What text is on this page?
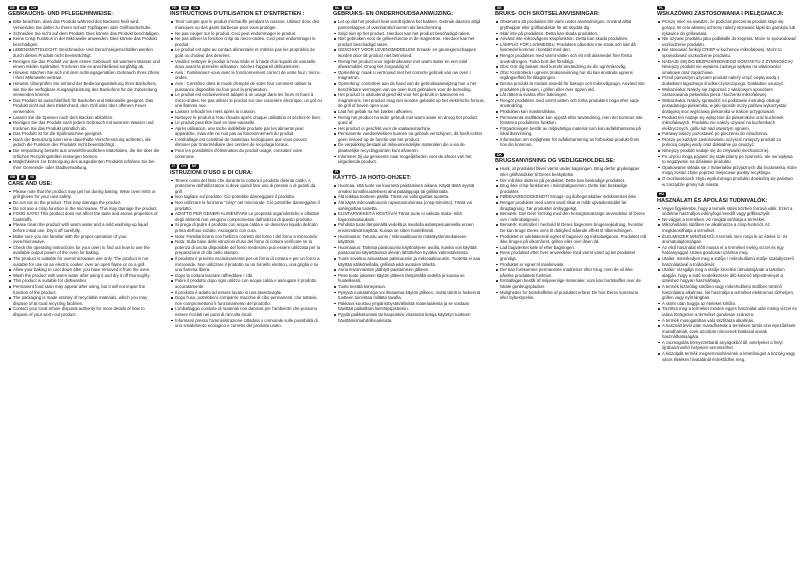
DE	AT	CH
GEBRAUCHS- UND PFLEGEHINWEISE:
Bitte beachten, dass das Produkt während des Backens heiß wird. Verwenden Sie daher zu Ihrem Schutz Topflappen oder Grillhandschuhe.
Schneiden Sie nicht auf dem Produkt. Dies könnte das Produkt beschädigen.
Keine Crisp-Funktion in der Mikrowelle anwenden. Dies könnte das Produkt beschädigen.
LEBENSMITTELECHT: Geschmacks- und Geruchseigenschaften werden durch dieses Produkt nicht beeinträchtigt.
Reinigen Sie das Produkt vor dem ersten Gebrauch mit warmem Wasser und einem milden Spülmittel. Trocknen Sie es anschließend sorgfältig ab.
Hinweis: Machen Sie sich mit dem ordnungsgemäßen Gebrauch Ihres Ofens / Ihrer Mikrowelle vertraut.
Hinweis: Überprüfen Sie anhand der Bedienungsanleitung Ihres Backofens, wie Sie die verfügbare Ausgangsleistung des Backofens für die Zubereitung verwenden können.
Das Produkt ist ausschließlich für Backofen und Mikrowelle geeignet. Das Produkt nicht auf dem Elektroherd, dem Grill oder über offenem Feuer verwenden.
Lassen Sie die Speisen nach dem Backen abkühlen.
Reinigen Sie das Produkt nach jedem Gebrauch mit warmem Wasser und trocknen Sie das Produkt gründlich ab.
Das Produkt ist für die Spülmaschine geeignet.
Nach der Benutzung kann eine dauerhafte Verschmutzung auftreten, die jedoch die Funktion des Produkts nicht beeinträchtigt.
Die Verpackung besteht aus umweltfreundlichen Materialien, die Sie über die örtlichen Recyclingstellen entsorgen können.
Möglichkeiten zur Entsorgung des ausgedienten Produkts erfahren Sie bei Ihrer Gemeinde- oder Stadtverwaltung.
GB	IE	NI
CARE AND USE:
Please note that the product may get hot during baking. Wear oven mitts or grill gloves for your own safety.
Do not cut on the product. This may damage the product.
Do not use a crisp function in the microwave. This may damage the product.
FOOD SAFE! This product does not affect the taste and aroma properties of foodstuffs.
Please clean the product with warm water and a mild washing-up liquid before initial use. Dry it off carefully.
Make sure you are familiar with the proper operation of your oven/microwave.
Check the operating instructions for your oven to find out how to use the available output power of the oven for baking.
The product is suitable for oven/microwave use only. The product is not suitable for use on an electric cooker, over an open flame or on a grill.
Allow your baking to cool down after you have removed it from the oven.
Wash the product with warm water after using it and dry it off thoroughly.
This product is suitable for dishwasher.
Permanent food stain may appear after using, but it will not impair the function of the product.
The packaging is made entirely of recyclable materials, which you may dispose of at local recycling facilities.
Contact your local refuse disposal authority for more details of how to dispose of your worn-out product.
FR	BE	CH
INSTRUCTIONS D'UTILISATION ET D'ENTRETIEN :
Tenir compte que le produit s'échauffe pendant la cuisson. Utilisez donc des maniques ou des gants barbecue pour vous protéger.
Ne pas couper sur le produit. Ceci peut endommager le produit.
Ne pas utiliser la fonction crisp du micro-ondes. Ceci peut endommager le produit.
Le produit est apte au contact alimentaire et n'altère pas les propriétés de goût ou d'odeur des denrées.
Veuillez nettoyer le produit à l'eau tiède et à l'aide d'un liquide de vaisselle doux avant la première utilisation. Séchez-l'appareil délicatement.
Avis : Familiarisez-vous avec le fonctionnement correct de votre four / micro-ondes.
Avis : Contrôlez dans le mode d'emploi de votre four comment utiliser la puissance disponible du four pour la préparation.
Le produit est exclusivement adapté à un usage dans les fours et fours à micro-ondes. Ne pas utiliser le produit sur une cuisinière électrique, un gril ou une flamme nue.
Laissez refroidir les mets après la cuisson.
Nettoyez le produit à l'eau chaude après chaque utilisation et séchez-le bien.
Le produit peut être lavé en lave-vaisselle.
Après utilisation, une tache indélébile produite par les aliments peut apparaître, mais elle ne nuit pas au fonctionnement du produit.
L'emballage est constitué de matériaux écologiques que vous pouvez éliminer par l'intermédiaire des centres de recyclage locaux.
Pour les possibilités d'élimination du produit usagé, consultez votre commune.
IT	CH	MT
ISTRUZIONI D'USO E DI CURA:
Tenere conto del fatto che durante la cottura il prodotto diventa caldo. A protezione dell'utilizzatore si deve quindi fare uso di presine o di guanti da grill.
Non tagliare sul prodotto. Ciò potrebbe danneggiare il prodotto.
Non utilizzare la funzione "crisp" nel microonde. Ciò potrebbe danneggiare il prodotto.
ADATTO PER GENERI ALIMENTARI! Le proprietà organolettiche e olfattive degli alimenti non vengono compromesse dall'utilizzo di questo prodotto.
Si prega di pulire il prodotto con acqua calda e un detersivo liquido delicato prima dell'uso iniziale. Asciugarlo con cura.
Nota: Familiarizzarsi con l'utilizzo corretto del forno / del forno a microonde.
Nota: Sulla base delle istruzioni d'uso del forno di cottura verificare se la potenza di uscita disponibile del forno medesimo può essere utilizzata per la preparazione di cibi nello stampo.
Il prodotto è previsto esclusivamente per un forno di cottura e per un forno a microonde. Non utilizzare il prodotto su un fornello elettrico, una griglia o su una fiamma libera.
Dopo la cottura lasciare raffreddare i cibi.
Pulire il prodotto dopo ogni utilizzo con acqua calda e asciugare il prodotto accuratamente.
Il prodotto è adatto ad essere lavato in una lavastoviglie.
Dopo l'uso, potrebbero comparire macchie di cibo permanenti, che tuttavia non compromettono il funzionamento del prodotto.
L'imballaggio consiste di materiali non dannosi per l'ambiente che possono essere riciclati nei punti di raccolta locali.
Informarsi presso l'amministrazione cittadina o comunale sulle possibilità di uno smaltimento ecologico e corretto del prodotto usato.
NL	BE
GEBRUIKS- EN ONDERHOUDSAANWIJZING:
Let op dat het product heet wordt tijdens het bakken. Gebruik daarom altijd pannenlappen of ovenhandschoenen als bescherming.
Snijd niet op het product. Hierdoor kan het product beschadigd raken.
Niet gebruiken voor de grilleerfunctie in de magnetron. Hierdoor kan het product beschadigd raken.
GESCHIKT VOOR LEVENSMIDDELEN! Smaak- en geureigenschappen worden door dit product niet beïnvloed.
Reinig het product voor ingebruikname met warm water en een mild afwasmiddel. Droog het zorgvuldig af.
Opmerking: maak u vertrouwd met het correcte gebruik van uw oven / magnetron.
Opmerking: controleer aan de hand van de gebruiksaanwijzing hoe u het beschikbare vermogen van uw oven kunt gebruiken voor de bereiding.
Het product is uitsluitend geschikt voor het gebruik in bakovens en magnetrons. Het product mag niet worden gebruikt op het elektrische fornuis, de grill of boven open vuur.
Laat het gebak na het bakken afkoelen.
Reinig het product na ieder gebruik met warm water en droog het product goed af.
Het product is geschikt voor de vaatwasmachine.
Permanente voedselvlekken kunnen na gebruik verschijnen, dit heeft echter geen invloed op de functie van het product.
De verpakking bestaat uit milieuvriendelijke materialen die u via de plaatselijke recyclingpunten kunt afvoeren.
Informeer bij uw gemeente naar mogelijkheden voor de afvoer van het uitgediende product.
FI
KÄYTTÖ- JA HOITO-OHJEET:
Huomaa, että tuote voi kuumeta paistamisen aikana. Käytä tästä syystä omaksi turvallisuudeksesi aina patalappuja tai grillikintaita.
Älä leikkaa tuotteen päällä. Tämä voi vahingoittaa tuotetta.
Älä käytä mikroaaltouunin rapeutustoimintoa (crisp-toiminto). Tämä voi vahingoittaa tuotetta.
ELINTARVIKKEITÄ KESTÄVÄ! Tämä tuote ei vaikuta maku- eikä hajuominaisuuksiin.
Puhdista tuote lämpimällä vedellä ja miedolla astianpesuaineella ennen ensimmäistä käyttöä. Kuivaa se sitten huolellisesti.
Huomautus: Tutustu uunin / mikroaaltouunin määräystenmukaiseen käyttöön.
Huomautus: Tarkista paistouunisi käyttöohjeen avulla, kuinka voit käyttää paistouunisi käytettävissä olevan lähtötehon hyväksi valmistuksessa.
Tuote soveltuu ainoastaan paistouuniin ja mikroaaltouuniin. Tuotetta ei saa käyttää sähköhellalla, grillissä eikä avotulen lähellä.
Anna leivonnaisten jäähtyä paistamisen jälkeen.
Pese tuote jokaisen käytön jälkeen lämpimällä vedellä ja kuivaa se huolellisesti.
Tuote kestää konepesun.
Pysyviä ruokatahroja voi ilmaantua käytön jälkeen, mutta tämä ei heikennä tuotteen toimintaa millään tavalla.
Pakkaus koostuu ympäristöystävällisistä materiaaleista ja se voidaan hävittää paikallisiin kierrätyspisteisiin.
Pyydä paikkakuntasi tai kaupunkisi virastosta tietoja käytetyn tuotteen hävittämismahdollisuuksista.
SE
BRUKS- OCH SKÖTSELANVISNINGAR:
Observera att produkten blir varm under användningen. Använd alltid grythappar eller grillhandskar för att skydda dig.
Skär inte på produkten. Detta kan skada produkten.
Använd inte mikrovågens krispfunktion. Detta kan skada produkten.
LÄMPLIG FÖR LIVSMEDEL! Produkten påverkar inte smak och lukt då livsmedel kommer i kontakt med den.
Rengör produkten med varmt vatten och ett milt diskmedel före första användningen. Torka bort det försiktigt.
Obs: Gör dig bekant med korrekt användning av din ugn/mikrovåg.
Obs: Kontrollera i ugnens bruksanvisning hur du kan använda ugnens utgångseffekt för tillagningen.
Denna produkt är endast avsedd för bakugn och mikrovågsugn. Använd inte produkten på spisen, i grillen eller över öppen eld.
Låt rätterna svalna efter bakningen.
Rengör produkten med varmt vatten och torka produkten noga efter varje användning.
Produkten kan maskindiskas.
Permanenta matfläckar kan uppstå efter användning, men det kommer inte försämra produktens funktion.
Förpackningen består av miljövänliga material som kan avfallshanteras på lokal återvinning.
Information om möjligheter för avfallshantering av förbrukad produkt finns hos din kommun.
DK
BRUGSANVISNING OG VEDLIGEHOLDELSE:
Husk, at produktet bliver varmt under bagningen. Brug derfor grydelapper eller grillhandsker til Deres beskyttelse.
Der må ikke skæres på produktet. Dette kan beskadige produktet.
Brug ikke crisp-funktionen i mikrobølgeovnen. Dette kan beskadige produktet.
FØDEVAREGODKENDT! Smags- og duftegenskaber indskrænkes ikke.
Rengør produktet med varmt vand tilsat et mildt opvaskemiddel før ibrugtagning. Tør produktet omhyggeligt.
Bemærk: Gør Dem fortrolig med den hensigtsmæssige anvendelse af Deres ovn / mikrobølgeovn.
Bemærk: Kontroller i henhold til Deres bageovns brugervejledning, hvordan De kan bruge Deres ovns til rådighed stående effekt til tilberedningen.
Produktet er udelukkende egnet til bageovn og mikrobølgeovn. Produktet må ikke bruges på elkomfuret, grillen eller over åben ild.
Lad bagværket køle af efter bagningen.
Rens produktet efter hver anvendelse med varmt vand og tør produktet grundigt.
Produktet er egnet til maskinvask.
Der kan forekomme permanente madrester efter brug, men de vil ikke påvirke produktets funktion.
Emballagen består af miljøvenlige materialer, som kan bortskaffes over de lokale genbrugspladser.
Muligheder for bortskaffelse af produktet erfarer De hos Deres kommune eller bybestyrelse.
PL
WSKAZÓWKI ZASTOSOWANIA I PIELĘGNACJI:
Proszę mieć na uwadze, że podczas pieczenia produkt staje się gorący. W celu własnej ochrony należy stosować łapki do garnków lub rękawice do grillowania.
Nie używać produktu jako podkładki do krojenia. Może to spowodować uszkodzenie produktu.
Nie stosować funkcji CRISP w kuchence mikrofalowej. Może to spowodować uszkodzenie produktu.
NADAJE SIĘ DO BEZPOŚREDNIEGO KONTAKTU Z ŻYWNOŚCIĄ! Niniejszy produkt nie wywiera żadnego wpływu na właściwości smakowe oraz zapachowe.
Przed pierwszym użyciem produkt należy umyć ciepłą wodą z dodatkiem łagodnego środka czyszczącego. Dokładnie osuszyć.
Wskazówka: Należy się zapoznać z właściwym sposobem zastosowania piekarnika pieca / kuchenki mikrofalowej.
Wskazówka: Należy sprawdzić na podstawie instrukcji obsługi posiadanego piekarnika, w jaki sposób moży pańtwo wykorzystać dostępną moc wyjściową piekarnika w trakcie przygotowań.
Produkt ten nadaje się wyłącznie do piekarników oraz kuchenek mikrofalowych. Produktu nie należy używać na kuchenkach elektrycznych, grillu lub nad otwartym ogniem.
Potrawy należy pozostawić po pieczeniu do ostudzenia.
Proszę po każdym zastosowaniu oczyścić niniejszy produkt za pomocą ciepłej wody oraz dokładnie go osuszyć.
Niniejszy produkt nadaje się do zmywarki mechanicznej.
Po użyciu mogą pojawić się stałe plamy po żywności, ale nie wpływa to negatywnie na działanie produktu.
Opakowanie składa się z materiałów przyjaznych dla środowiska, które mogą zostać zbyte poprzez miejscowe punkty recyklingu.
O możliwościach zbytu wysłużonego produktu dowiedzą się państwo w zarządzie gminy lub miasta.
HU
HASZNÁLATI ÉS ÁPOLÁSI TUDNIVALÓK:
Vegye figyelembe, hogy a termék sütés közben forróvá válik. Ezért a védelme használjon edényfogó kendőt vagy grillkesztyűt.
Ne vágjon a terméken. Az megkárosíthatja a terméket.
Mikrohullámú sütőben ne alkalmazza a crisp-funkciót. Az megkárosíthatja a terméket.
ÉLELMISZER MINŐSÉGŰ! A termék nem ronja le az ételek íz- és aromatulajdonságait.
Az első használat előtt mossa el a terméket meleg vízzel és égy hatóanyaggal. Utána gondosan szárítsa meg.
Utalás: Ismerkedjen meg a sütője / mikrohullámú sütője szabályszerű használatával a működését.
Utalás: Vizsgálja meg a sütője kezelési útmutatójának a tartalom alapján, hogy a sütő rendelkezésre álló kimenő teljesítményét a sütéshez hogyan használhatja.
A termék kizárólag sütőben vagy mikrohullámú sütőben történő használatra alkalmas. Ne használja a terméket elektromos tűzhelyen, grillen vagy nyílt lángban.
A sütés után hagyja az ételeket kihűlni.
Tisztítsa meg a terméket minden egyes használat után meleg vízzel és utána törölgesse a terméket gondosan szárazra.
A termék mosogatóban való tisztításra alkalmas.
A használt levél után maradhatnak a terméken tartós szennyeződések maradhatnak, ezek azonban nincsenek hatással annak használhatóságára.
A csomagolás környezetbarát anyagokból áll, amelyeket a helyi újrahasznosító helyeken semmisíthet.
A kiszolgált termék megsemmisítésének a lehetőségeit a község vagy város illetékes hivatalánál érdeklődhet meg.
